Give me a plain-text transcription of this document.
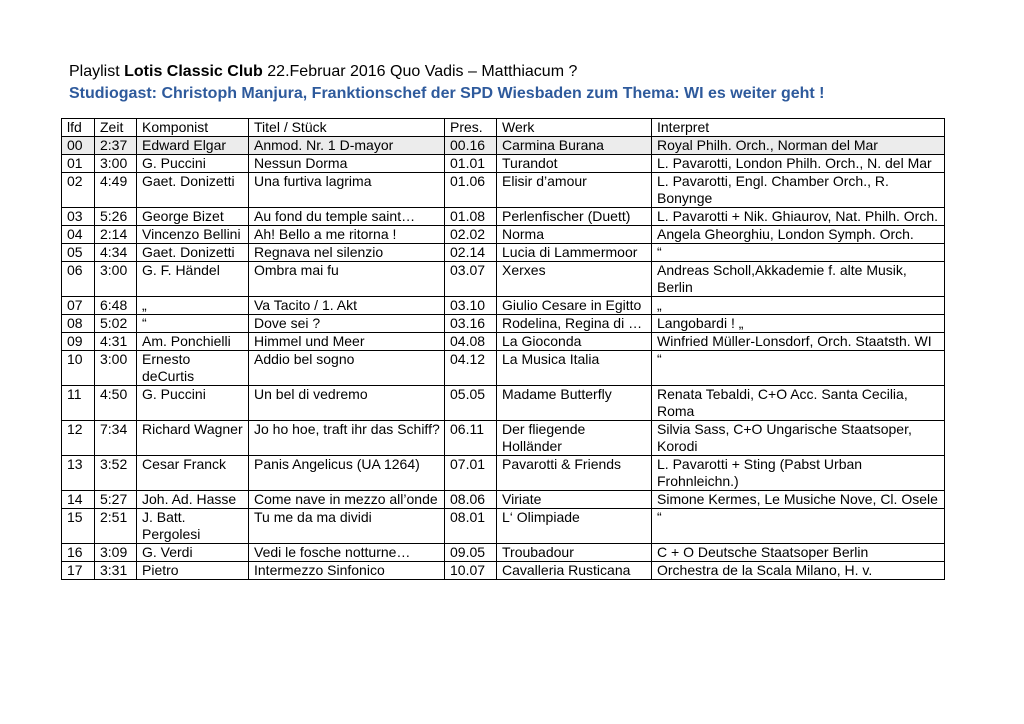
Playlist Lotis Classic Club 22.Februar 2016 Quo Vadis – Matthiacum ?
Studiogast: Christoph Manjura, Franktionschef der SPD Wiesbaden zum Thema: WI es weiter geht !
lfd	Zeit	Komponist	Titel / Stück	Pres.	Werk	Interpret
00	2:37	Edward Elgar	Anmod. Nr. 1 D-mayor	00.16	Carmina Burana	Royal Philh. Orch., Norman del Mar
01	3:00	G. Puccini	Nessun Dorma	01.01	Turandot	L. Pavarotti, London Philh. Orch., N. del Mar
02	4:49	Gaet. Donizetti	Una furtiva lagrima	01.06	Elisir d’amour	L. Pavarotti, Engl. Chamber Orch., R. Bonynge
03	5:26	George Bizet	Au fond du temple saint…	01.08	Perlenfischer (Duett)	L. Pavarotti + Nik. Ghiaurov, Nat. Philh. Orch.
04	2:14	Vincenzo Bellini	Ah! Bello a me ritorna !	02.02	Norma	Angela Gheorghiu, London Symph. Orch.
05	4:34	Gaet. Donizetti	Regnava nel silenzio	02.14	Lucia di Lammermoor	“
06	3:00	G. F. Händel	Ombra mai fu	03.07	Xerxes	Andreas Scholl,Akkademie f. alte Musik, Berlin
07	6:48	„	Va Tacito / 1. Akt	03.10	Giulio Cesare in Egitto	„
08	5:02	“	Dove sei ?	03.16	Rodelina, Regina di …	Langobardi ! „
09	4:31	Am. Ponchielli	Himmel und Meer	04.08	La Gioconda	Winfried Müller-Lonsdorf, Orch. Staatsth. WI
10	3:00	Ernesto deCurtis	Addio bel sogno	04.12	La Musica Italia	“
11	4:50	G. Puccini	Un bel di vedremo	05.05	Madame Butterfly	Renata Tebaldi, C+O Acc. Santa Cecilia, Roma
12	7:34	Richard Wagner	Jo ho hoe, traft ihr das Schiff?	06.11	Der fliegende Holländer	Silvia Sass, C+O Ungarische Staatsoper, Korodi
13	3:52	Cesar Franck	Panis Angelicus (UA 1264)	07.01	Pavarotti & Friends	L. Pavarotti + Sting (Pabst Urban Frohnleichn.)
14	5:27	Joh. Ad. Hasse	Come nave in mezzo all’onde	08.06	Viriate	Simone Kermes, Le Musiche Nove, Cl. Osele
15	2:51	J. Batt. Pergolesi	Tu me da ma dividi	08.01	L‘ Olimpiade	“
16	3:09	G. Verdi	Vedi le fosche notturne…	09.05	Troubadour	C + O Deutsche Staatsoper Berlin
17	3:31	Pietro	Intermezzo Sinfonico	10.07	Cavalleria Rusticana	Orchestra de la Scala Milano, H. v.
